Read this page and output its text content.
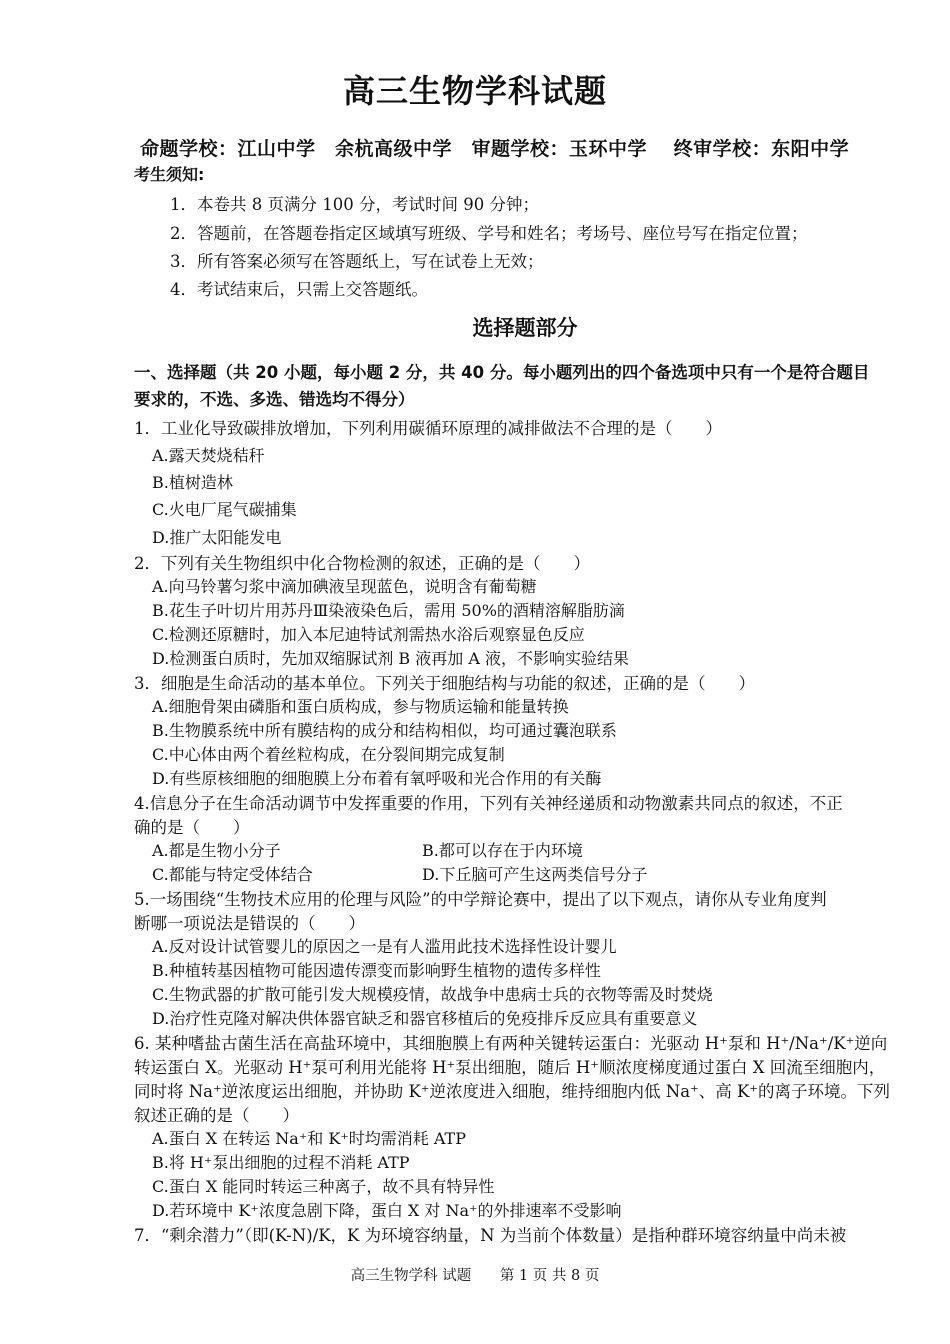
高三生物学科试题
命题学校：江山中学　余杭高级中学　审题学校：玉环中学　 终审学校：东阳中学
考生须知:
1．本卷共 8 页满分 100 分，考试时间 90 分钟；
2．答题前，在答题卷指定区域填写班级、学号和姓名；考场号、座位号写在指定位置；
3．所有答案必须写在答题纸上，写在试卷上无效；
4．考试结束后，只需上交答题纸。
选择题部分
一、选择题（共 20 小题，每小题 2 分，共 40 分。每小题列出的四个备选项中只有一个是符合题目
要求的，不选、多选、错选均不得分）
1．工业化导致碳排放增加，下列利用碳循环原理的减排做法不合理的是（　　）
A.露天焚烧秸秆
B.植树造林
C.火电厂尾气碳捕集
D.推广太阳能发电
2．下列有关生物组织中化合物检测的叙述，正确的是（　　）
A.向马铃薯匀浆中滴加碘液呈现蓝色，说明含有葡萄糖
B.花生子叶切片用苏丹Ⅲ染液染色后，需用 50%的酒精溶解脂肪滴
C.检测还原糖时，加入本尼迪特试剂需热水浴后观察显色反应
D.检测蛋白质时，先加双缩脲试剂 B 液再加 A 液，不影响实验结果
3．细胞是生命活动的基本单位。下列关于细胞结构与功能的叙述，正确的是（　　）
A.细胞骨架由磷脂和蛋白质构成，参与物质运输和能量转换
B.生物膜系统中所有膜结构的成分和结构相似，均可通过囊泡联系
C.中心体由两个着丝粒构成，在分裂间期完成复制
D.有些原核细胞的细胞膜上分布着有氧呼吸和光合作用的有关酶
4.信息分子在生命活动调节中发挥重要的作用，下列有关神经递质和动物激素共同点的叙述，不正
确的是（　　）
A.都是生物小分子	B.都可以存在于内环境
C.都能与特定受体结合	D.下丘脑可产生这两类信号分子
5.一场围绕“生物技术应用的伦理与风险”的中学辩论赛中，提出了以下观点，请你从专业角度判
断哪一项说法是错误的（　　）
A.反对设计试管婴儿的原因之一是有人滥用此技术选择性设计婴儿
B.种植转基因植物可能因遗传漂变而影响野生植物的遗传多样性
C.生物武器的扩散可能引发大规模疫情，故战争中患病士兵的衣物等需及时焚烧
D.治疗性克隆对解决供体器官缺乏和器官移植后的免疫排斥反应具有重要意义
6. 某种嗜盐古菌生活在高盐环境中，其细胞膜上有两种关键转运蛋白：光驱动 H⁺泵和 H⁺/Na⁺/K⁺逆向
转运蛋白 X。光驱动 H⁺泵可利用光能将 H⁺泵出细胞，随后 H⁺顺浓度梯度通过蛋白 X 回流至细胞内，
同时将 Na⁺逆浓度运出细胞，并协助 K⁺逆浓度进入细胞，维持细胞内低 Na⁺、高 K⁺的离子环境。下列
叙述正确的是（　　）
A.蛋白 X 在转运 Na⁺和 K⁺时均需消耗 ATP
B.将 H⁺泵出细胞的过程不消耗 ATP
C.蛋白 X 能同时转运三种离子，故不具有特异性
D.若环境中 K⁺浓度急剧下降，蛋白 X 对 Na⁺的外排速率不受影响
7．“剩余潜力”（即(K-N)/K，K 为环境容纳量，N 为当前个体数量）是指种群环境容纳量中尚未被
高三生物学科 试题 第 1 页 共 8 页
